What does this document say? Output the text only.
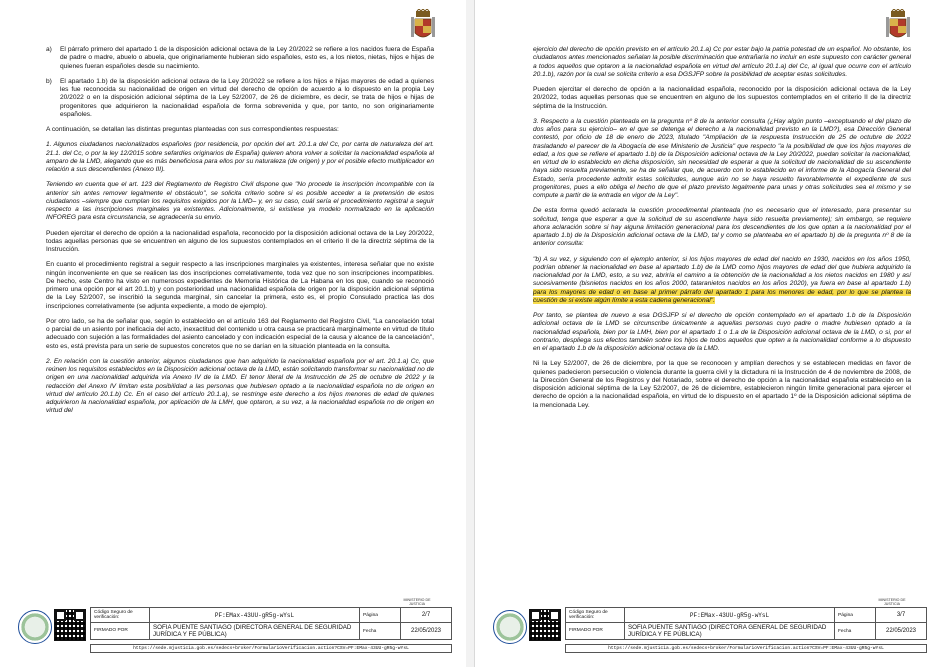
a)	El párrafo primero del apartado 1 de la disposición adicional octava de la Ley 20/2022 se refiere a los nacidos fuera de España de padre o madre, abuelo o abuela, que originariamente hubieran sido españoles, esto es, a los nietos, nietas, hijos e hijas de quienes fueran españoles desde su nacimiento.
b)	El apartado 1.b) de la disposición adicional octava de la Ley 20/2022 se refiere a los hijos e hijas mayores de edad a quienes les fue reconocida su nacionalidad de origen en virtud del derecho de opción de acuerdo a lo dispuesto en la propia Ley 20/2022 o en la disposición adicional séptima de la Ley 52/2007, de 26 de diciembre, es decir, se trata de hijos e hijas de progenitores que adquirieron la nacionalidad española de forma sobrevenida y que, por tanto, no son originariamente españoles.

A continuación, se detallan las distintas preguntas planteadas con sus correspondientes respuestas:

1. Algunos ciudadanos nacionalizados españoles (por residencia, por opción del art. 20.1.a del Cc, por carta de naturaleza del art. 21.1. del Cc, o por la ley 12/2015 sobre sefardíes originarios de España) quieren ahora volver a solicitar la nacionalidad española al amparo de la LMD, alegando que es más beneficiosa para ellos por su naturaleza (de origen) y por el posible efecto multiplicador en relación a sus descendientes (Anexo III).

Teniendo en cuenta que el art. 123 del Reglamento de Registro Civil dispone que "No procede la inscripción incompatible con la anterior sin antes remover legalmente el obstáculo", se solicita criterio sobre si es posible acceder a la pretensión de estos ciudadanos –siempre que cumplan los requisitos exigidos por la LMD– y, en su caso, cuál sería el procedimiento registral a seguir respecto a las inscripciones marginales ya existentes. Adicionalmente, si existiese ya modelo normalizado en la aplicación INFOREG para esta circunstancia, se agradecería su envío.

Pueden ejercitar el derecho de opción a la nacionalidad española, reconocido por la disposición adicional octava de la Ley 20/2022, todas aquellas personas que se encuentren en alguno de los supuestos contemplados en el criterio II de la directriz séptima de la Instrucción.

En cuanto el procedimiento registral a seguir respecto a las inscripciones marginales ya existentes, interesa señalar que no existe ningún inconveniente en que se realicen las dos inscripciones correlativamente, toda vez que no son inscripciones incompatibles. De hecho, este Centro ha visto en numerosos expedientes de Memoria Histórica de La Habana en los que, cuando se reconoció primero una opción por el art 20.1.b) y con posterioridad una nacionalidad española de origen por la disposición adicional séptima de la Ley 52/2007, se inscribió la segunda marginal, sin cancelar la primera, esto es, el propio Consulado practica las dos inscripciones correlativamente (se adjunta expediente, a modo de ejemplo).

Por otro lado, se ha de señalar que, según lo establecido en el artículo 163 del Reglamento del Registro Civil, "La cancelación total o parcial de un asiento por ineficacia del acto, inexactitud del contenido u otra causa se practicará marginalmente en virtud de título adecuado con sujeción a las formalidades del asiento cancelado y con indicación especial de la causa y alcance de la cancelación", esto es, está prevista para un serie de supuestos concretos que no se darían en la situación planteada en la consulta.

2. En relación con la cuestión anterior, algunos ciudadanos que han adquirido la nacionalidad española por el art. 20.1.a) Cc, que reúnen los requisitos establecidos en la Disposición adicional octava de la LMD, están solicitando transformar su nacionalidad no de origen en una nacionalidad adquirida vía Anexo IV de la LMD. El tenor literal de la Instrucción de 25 de octubre de 2022 y la redacción del Anexo IV limitan esta posibilidad a las personas que hubiesen optado a la nacionalidad española no de origen en virtud del artículo 20.1.b) Cc. En el caso del artículo 20.1.a), se restringe este derecho a los hijos menores de edad de quienes adquirieron la nacionalidad española, por aplicación de la LMH, que optaron, a su vez, a la nacionalidad española no de origen en virtud del

MINISTERIO DE JUSTICIA
Código Seguro de verificación:	PF:EMax-43UU-gR5g-wYsL	Página	2/7
FIRMADO POR	SOFIA PUENTE SANTIAGO (DIRECTORA GENERAL DE SEGURIDAD JURÍDICA Y FE PÚBLICA)	Fecha	22/05/2023
https://sede.mjusticia.gob.es/sedecs+broker/FormularioVerificacion.action?CSV=PF:EMax-43UU-gR5g-wYsL

ejercicio del derecho de opción previsto en el artículo 20.1.a) Cc por estar bajo la patria potestad de un español. No obstante, los ciudadanos antes mencionados señalan la posible discriminación que entrañaría no incluir en este supuesto con carácter general a todos aquellos que optaron a la nacionalidad española en virtud del artículo 20.1.a) del Cc, al igual que ocurre con el artículo 20.1.b), razón por la cual se solicita criterio a esa DGSJFP sobre la posibilidad de aceptar estas solicitudes.

Pueden ejercitar el derecho de opción a la nacionalidad española, reconocido por la disposición adicional octava de la Ley 20/2022, todas aquellas personas que se encuentren en alguno de los supuestos contemplados en el criterio II de la directriz séptima de la Instrucción.

3. Respecto a la cuestión planteada en la pregunta nº 8 de la anterior consulta (¿Hay algún punto –exceptuando el del plazo de dos años para su ejercicio– en el que se detenga el derecho a la nacionalidad previsto en la LMD?), esa Dirección General contestó, por oficio de 18 de enero de 2023, titulado "Ampliación de la respuesta Instrucción de 25 de octubre de 2022 trasladando el parecer de la Abogacía de ese Ministerio de Justicia" que respecto "a la posibilidad de que los hijos mayores de edad, a los que se refiere el apartado 1.b) de la Disposición adicional octava de la Ley 20/2022, puedan solicitar la nacionalidad, en virtud de lo establecido en dicha disposición, sin necesidad de esperar a que la solicitud de nacionalidad de su ascendiente haya sido resuelta previamente, se ha de señalar que, de acuerdo con lo establecido en el informe de la Abogacía General del Estado, sería procedente admitir estas solicitudes, aunque aún no se haya resuelto favorablemente el expediente de sus progenitores, pues a ello obliga el hecho de que el plazo previsto legalmente para unas y otras solicitudes sea el mismo y se compute a partir de la entrada en vigor de la Ley".

De esta forma quedó aclarada la cuestión procedimental planteada (no es necesario que el interesado, para presentar su solicitud, tenga que esperar a que la solicitud de su ascendiente haya sido resuelta previamente); sin embargo, se requiere ahora aclaración sobre si hay alguna limitación generacional para los descendientes de los que optan a la nacionalidad por el apartado 1.b) de la Disposición adicional octava de la LMD, tal y como se planteaba en el apartado b) de la pregunta nº 8 de la anterior consulta:

"b) A su vez, y siguiendo con el ejemplo anterior, si los hijos mayores de edad del nacido en 1930, nacidos en los años 1950, podrían obtener la nacionalidad en base al apartado 1.b) de la LMD como hijos mayores de edad del que hubiera adquirido la nacionalidad por la LMD, esto, a su vez, abriría el camino a la obtención de la nacionalidad a los nietos nacidos en 1980 y así sucesivamente (bisnietos nacidos en los años 2000, tataranietos nacidos en los años 2020), ya fuera en base al apartado 1.b) para los mayores de edad o en base al primer párrafo del apartado 1 para los menores de edad, por lo que se plantea la cuestión de si existe algún límite a esta cadena generacional".

Por tanto, se plantea de nuevo a esa DGSJFP si el derecho de opción contemplado en el apartado 1.b de la Disposición adicional octava de la LMD se circunscribe únicamente a aquellas personas cuyo padre o madre hubiesen optado a la nacionalidad española, bien por la LMH, bien por el apartado 1 o 1.a de la Disposición adicional octava de la LMD, o si, por el contrario, despliega sus efectos también sobre los hijos de todos aquellos que opten a la nacionalidad conforme a lo dispuesto en el apartado 1.b de la disposición adicional octava de la LMD.

Ni la Ley 52/2007, de 26 de diciembre, por la que se reconocen y amplían derechos y se establecen medidas en favor de quienes padecieron persecución o violencia durante la guerra civil y la dictadura ni la Instrucción de 4 de noviembre de 2008, de la Dirección General de los Registros y del Notariado, sobre el derecho de opción a la nacionalidad española establecido en la disposición adicional séptima de la Ley 52/2007, de 26 de diciembre, establecieron ningún límite generacional para ejercer el derecho de opción a la nacionalidad española, en virtud de lo dispuesto en el apartado 1º de la Disposición adicional séptima de la mencionada Ley.

MINISTERIO DE JUSTICIA
Código Seguro de verificación:	PF:EMax-43UU-gR5g-wYsL	Página	3/7
FIRMADO POR	SOFIA PUENTE SANTIAGO (DIRECTORA GENERAL DE SEGURIDAD JURÍDICA Y FE PÚBLICA)	Fecha	22/05/2023
https://sede.mjusticia.gob.es/sedecs+broker/FormularioVerificacion.action?CSV=PF:EMax-43UU-gR5g-wYsL
